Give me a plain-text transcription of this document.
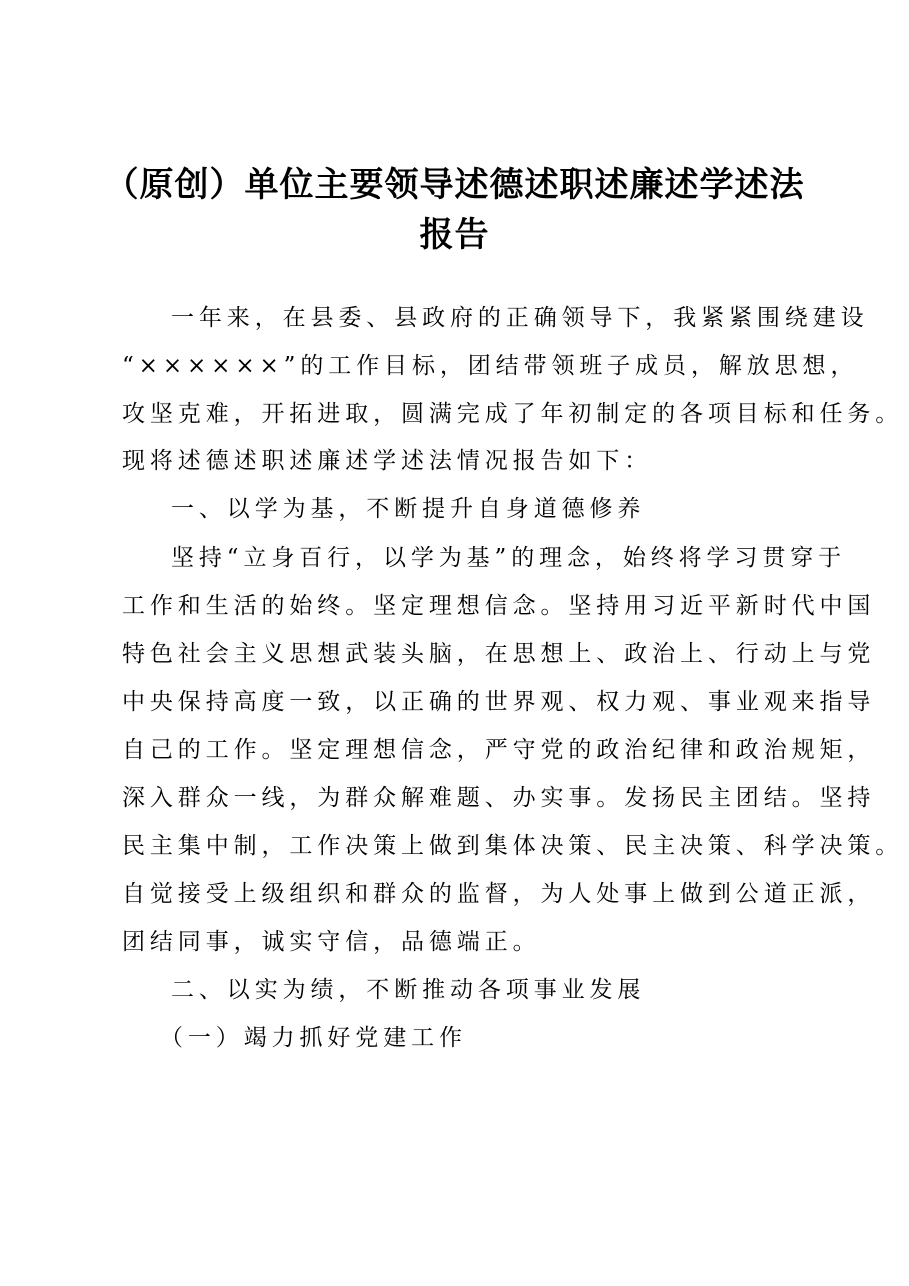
（原创）单位主要领导述德述职述廉述学述法
报告
一年来，在县委、县政府的正确领导下，我紧紧围绕建设
“××××××”的工作目标，团结带领班子成员，解放思想，
攻坚克难，开拓进取，圆满完成了年初制定的各项目标和任务。
现将述德述职述廉述学述法情况报告如下：
一、以学为基，不断提升自身道德修养
坚持“立身百行，以学为基”的理念，始终将学习贯穿于
工作和生活的始终。坚定理想信念。坚持用习近平新时代中国
特色社会主义思想武装头脑，在思想上、政治上、行动上与党
中央保持高度一致，以正确的世界观、权力观、事业观来指导
自己的工作。坚定理想信念，严守党的政治纪律和政治规矩，
深入群众一线，为群众解难题、办实事。发扬民主团结。坚持
民主集中制，工作决策上做到集体决策、民主决策、科学决策。
自觉接受上级组织和群众的监督，为人处事上做到公道正派，
团结同事，诚实守信，品德端正。
二、以实为绩，不断推动各项事业发展
（一）竭力抓好党建工作
